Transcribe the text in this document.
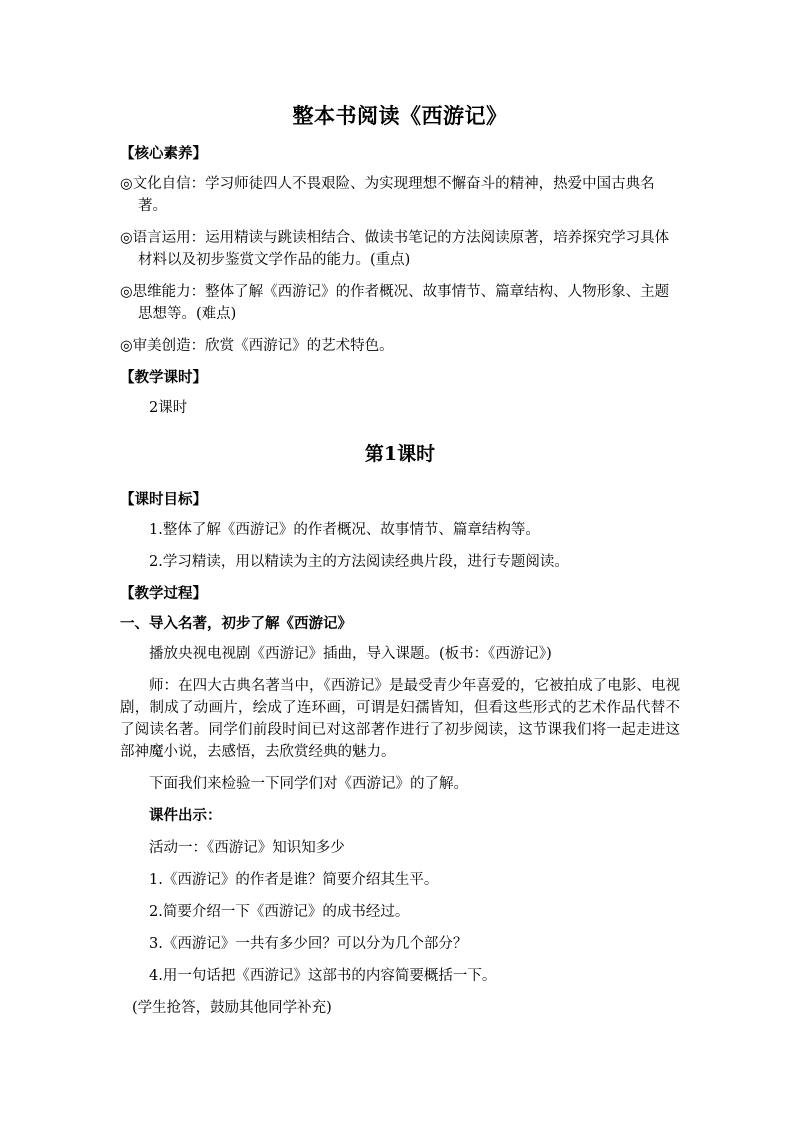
整本书阅读《西游记》
【核心素养】
◎文化自信：学习师徒四人不畏艰险、为实现理想不懈奋斗的精神，热爱中国古典名著。
◎语言运用：运用精读与跳读相结合、做读书笔记的方法阅读原著，培养探究学习具体材料以及初步鉴赏文学作品的能力。(重点)
◎思维能力：整体了解《西游记》的作者概况、故事情节、篇章结构、人物形象、主题思想等。(难点)
◎审美创造：欣赏《西游记》的艺术特色。
【教学课时】
2课时
第1课时
【课时目标】
1.整体了解《西游记》的作者概况、故事情节、篇章结构等。
2.学习精读，用以精读为主的方法阅读经典片段，进行专题阅读。
【教学过程】
一、导入名著，初步了解《西游记》
播放央视电视剧《西游记》插曲，导入课题。(板书：《西游记》)
师：在四大古典名著当中，《西游记》是最受青少年喜爱的，它被拍成了电影、电视剧，制成了动画片，绘成了连环画，可谓是妇孺皆知，但看这些形式的艺术作品代替不了阅读名著。同学们前段时间已对这部著作进行了初步阅读，这节课我们将一起走进这部神魔小说，去感悟，去欣赏经典的魅力。
下面我们来检验一下同学们对《西游记》的了解。
课件出示：
活动一：《西游记》知识知多少
1.《西游记》的作者是谁？简要介绍其生平。
2.简要介绍一下《西游记》的成书经过。
3.《西游记》一共有多少回？可以分为几个部分？
4.用一句话把《西游记》这部书的内容简要概括一下。
(学生抢答，鼓励其他同学补充)
